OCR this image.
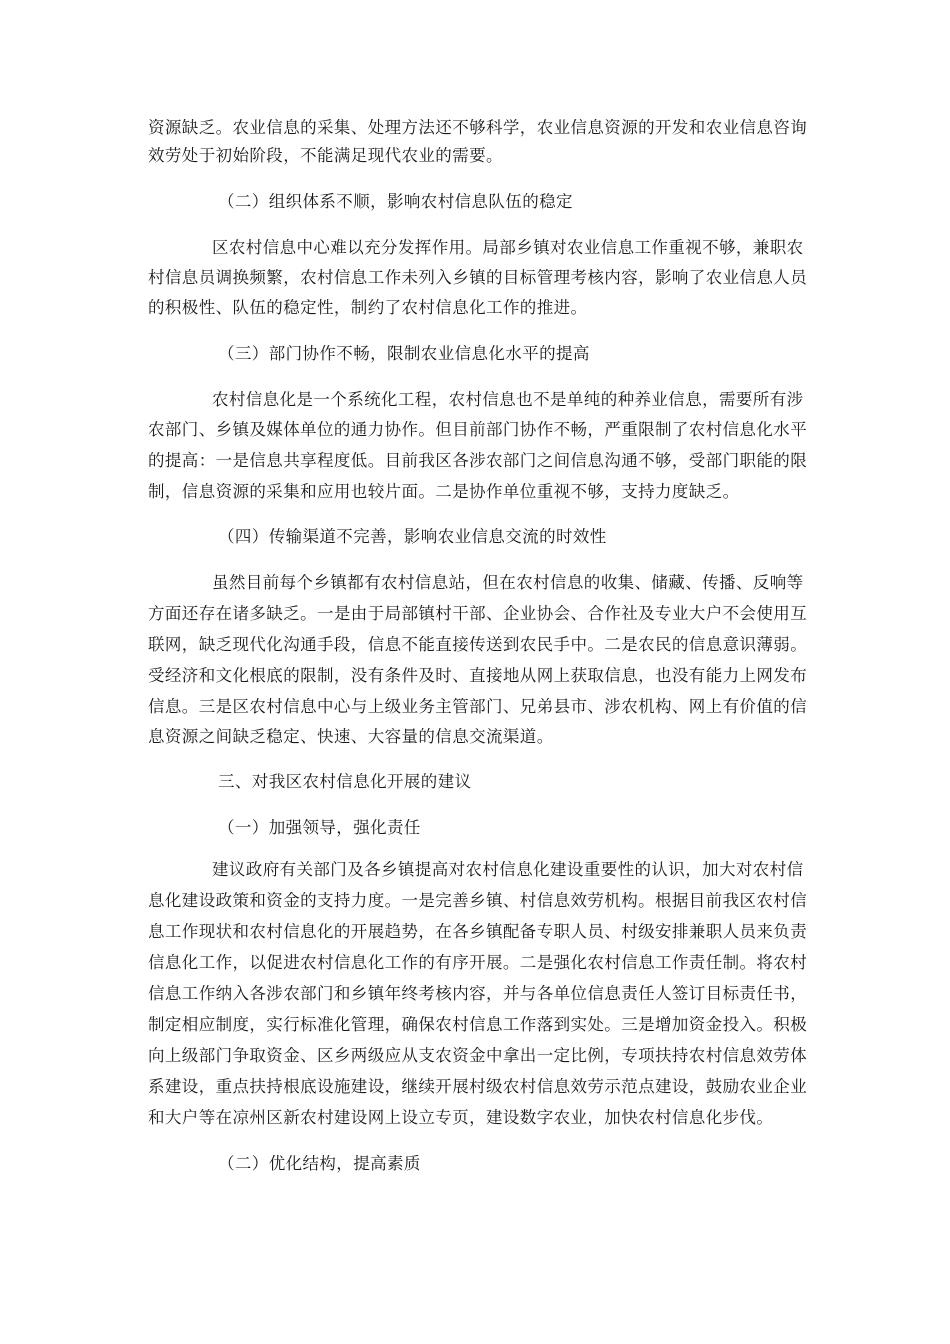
资源缺乏。农业信息的采集、处理方法还不够科学，农业信息资源的开发和农业信息咨询
效劳处于初始阶段，不能满足现代农业的需要。
（二）组织体系不顺，影响农村信息队伍的稳定
区农村信息中心难以充分发挥作用。局部乡镇对农业信息工作重视不够，兼职农
村信息员调换频繁，农村信息工作未列入乡镇的目标管理考核内容，影响了农业信息人员
的积极性、队伍的稳定性，制约了农村信息化工作的推进。
（三）部门协作不畅，限制农业信息化水平的提高
农村信息化是一个系统化工程，农村信息也不是单纯的种养业信息，需要所有涉
农部门、乡镇及媒体单位的通力协作。但目前部门协作不畅，严重限制了农村信息化水平
的提高：一是信息共享程度低。目前我区各涉农部门之间信息沟通不够，受部门职能的限
制，信息资源的采集和应用也较片面。二是协作单位重视不够，支持力度缺乏。
（四）传输渠道不完善，影响农业信息交流的时效性
虽然目前每个乡镇都有农村信息站，但在农村信息的收集、储藏、传播、反响等
方面还存在诸多缺乏。一是由于局部镇村干部、企业协会、合作社及专业大户不会使用互
联网，缺乏现代化沟通手段，信息不能直接传送到农民手中。二是农民的信息意识薄弱。
受经济和文化根底的限制，没有条件及时、直接地从网上获取信息，也没有能力上网发布
信息。三是区农村信息中心与上级业务主管部门、兄弟县市、涉农机构、网上有价值的信
息资源之间缺乏稳定、快速、大容量的信息交流渠道。
三、对我区农村信息化开展的建议
（一）加强领导，强化责任
建议政府有关部门及各乡镇提高对农村信息化建设重要性的认识，加大对农村信
息化建设政策和资金的支持力度。一是完善乡镇、村信息效劳机构。根据目前我区农村信
息工作现状和农村信息化的开展趋势，在各乡镇配备专职人员、村级安排兼职人员来负责
信息化工作，以促进农村信息化工作的有序开展。二是强化农村信息工作责任制。将农村
信息工作纳入各涉农部门和乡镇年终考核内容，并与各单位信息责任人签订目标责任书，
制定相应制度，实行标准化管理，确保农村信息工作落到实处。三是增加资金投入。积极
向上级部门争取资金、区乡两级应从支农资金中拿出一定比例，专项扶持农村信息效劳体
系建设，重点扶持根底设施建设，继续开展村级农村信息效劳示范点建设，鼓励农业企业
和大户等在凉州区新农村建设网上设立专页，建设数字农业，加快农村信息化步伐。
（二）优化结构，提高素质
